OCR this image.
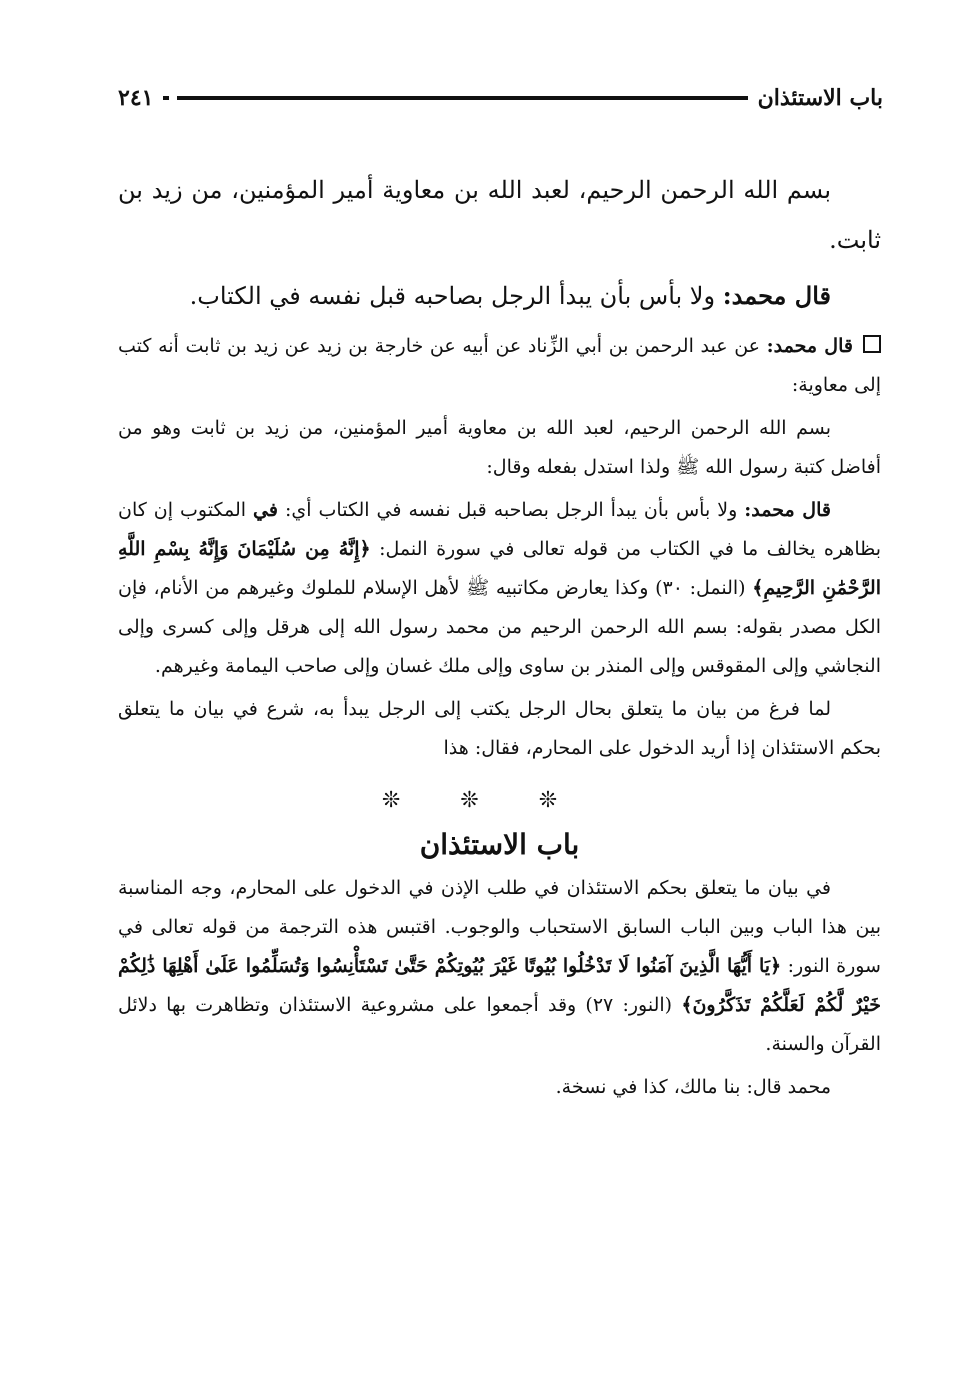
باب الاستئذان
٢٤١

بسم الله الرحمن الرحيم، لعبد الله بن معاوية أمير المؤمنين، من زيد بن ثابت.

قال محمد: ولا بأس بأن يبدأ الرجل بصاحبه قبل نفسه في الكتاب.

قال محمد: عن عبد الرحمن بن أبي الزِّناد عن أبيه عن خارجة بن زيد عن زيد بن ثابت أنه كتب إلى معاوية:

بسم الله الرحمن الرحيم، لعبد الله بن معاوية أمير المؤمنين، من زيد بن ثابت وهو من أفاضل كتبة رسول الله ﷺ ولذا استدل بفعله وقال:

قال محمد: ولا بأس بأن يبدأ الرجل بصاحبه قبل نفسه في الكتاب أي: في المكتوب إن كان بظاهره يخالف ما في الكتاب من قوله تعالى في سورة النمل: ﴿إِنَّهُ مِن سُلَيْمَانَ وَإِنَّهُ بِسْمِ اللَّهِ الرَّحْمَٰنِ الرَّحِيمِ﴾ (النمل: ٣٠) وكذا يعارض مكاتبيه ﷺ لأهل الإسلام للملوك وغيرهم من الأنام، فإن الكل مصدر بقوله: بسم الله الرحمن الرحيم من محمد رسول الله إلى هرقل وإلى كسرى وإلى النجاشي وإلى المقوقس وإلى المنذر بن ساوى وإلى ملك غسان وإلى صاحب اليمامة وغيرهم.

لما فرغ من بيان ما يتعلق بحال الرجل يكتب إلى الرجل يبدأ به، شرع في بيان ما يتعلق بحكم الاستئذان إذا أريد الدخول على المحارم، فقال: هذا

❊❊❊

باب الاستئذان

في بيان ما يتعلق بحكم الاستئذان في طلب الإذن في الدخول على المحارم، وجه المناسبة بين هذا الباب وبين الباب السابق الاستحباب والوجوب. اقتبس هذه الترجمة من قوله تعالى في سورة النور: ﴿يَا أَيُّهَا الَّذِينَ آمَنُوا لَا تَدْخُلُوا بُيُوتًا غَيْرَ بُيُوتِكُمْ حَتَّىٰ تَسْتَأْنِسُوا وَتُسَلِّمُوا عَلَىٰ أَهْلِهَا ذَٰلِكُمْ خَيْرٌ لَّكُمْ لَعَلَّكُمْ تَذَكَّرُونَ﴾ (النور: ٢٧) وقد أجمعوا على مشروعية الاستئذان وتظاهرت بها دلائل القرآن والسنة.

محمد قال: بنا مالك، كذا في نسخة.
